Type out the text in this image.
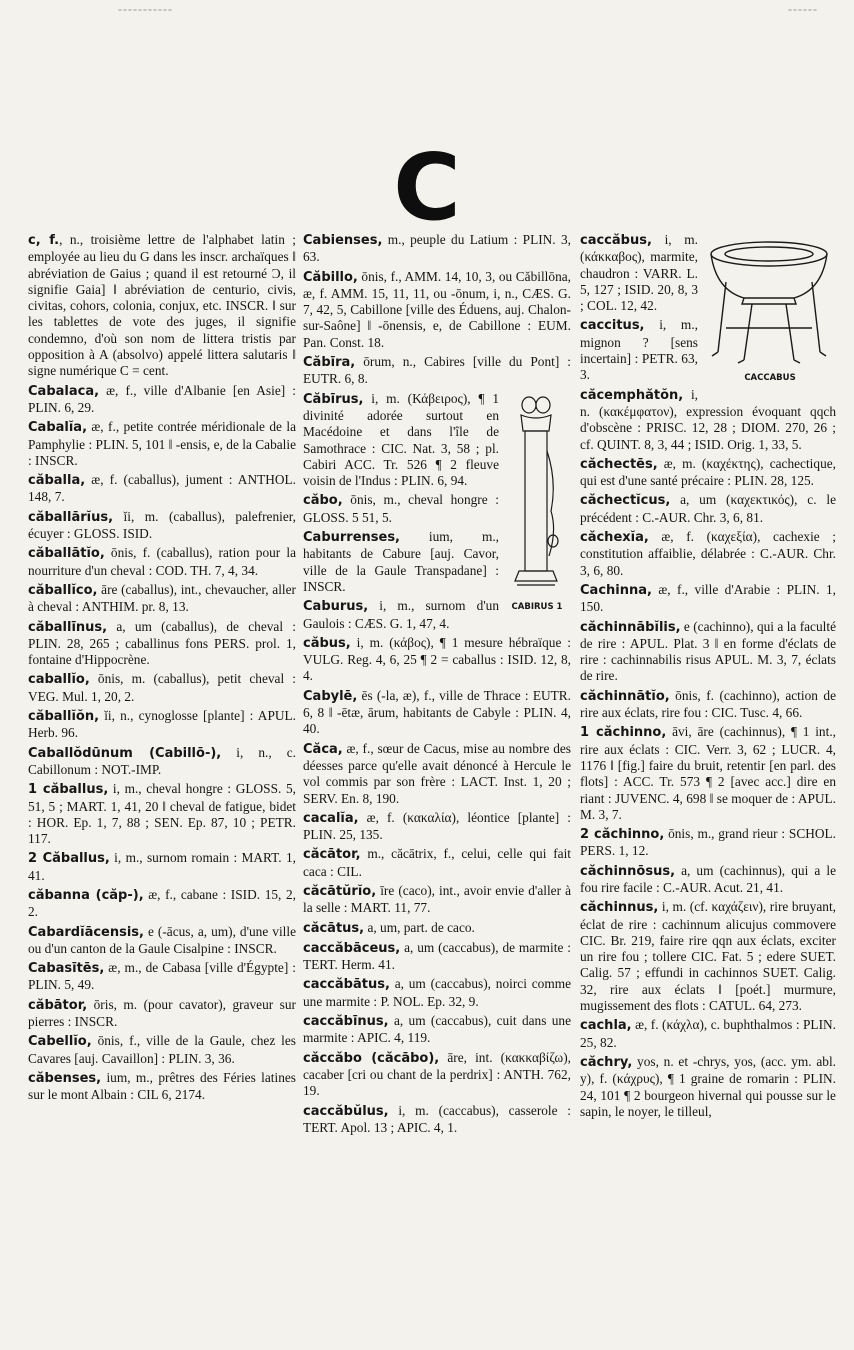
-----------	------
C

c, f., n., troisième lettre de l'alphabet latin ; employée au lieu du G dans les inscr. archaïques ‖ abréviation de Gaius ; quand il est retourné Ɔ, il signifie Gaia] ‖ abréviation de centurio, civis, civitas, cohors, colonia, conjux, etc. INSCR. ‖ sur les tablettes de vote des juges, il signifie condemno, d'où son nom de littera tristis par opposition à A (absolvo) appelé littera salutaris ‖ signe numérique C = cent.

Cabalaca, æ, f., ville d'Albanie [en Asie] : PLIN. 6, 29.

Cabalĭa, æ, f., petite contrée méridionale de la Pamphylie : PLIN. 5, 101 ‖ -ensis, e, de la Cabalie : INSCR.

căballa, æ, f. (caballus), jument : ANTHOL. 148, 7.

căballārĭus, ĭi, m. (caballus), palefrenier, écuyer : GLOSS. ISID.

căballātĭo, ōnis, f. (caballus), ration pour la nourriture d'un cheval : COD. TH. 7, 4, 34.

căballĭco, āre (caballus), int., chevaucher, aller à cheval : ANTHIM. pr. 8, 13.

căballīnus, a, um (caballus), de cheval : PLIN. 28, 265 ; caballinus fons PERS. prol. 1, fontaine d'Hippocrène.

caballĭo, ōnis, m. (caballus), petit cheval : VEG. Mul. 1, 20, 2.

căballĭŏn, ĭi, n., cynoglosse [plante] : APUL. Herb. 96.

Caballŏdūnum (Cabillō-), i, n., c. Cabillonum : NOT.-IMP.

1 căballus, i, m., cheval hongre : GLOSS. 5, 51, 5 ; MART. 1, 41, 20 ‖ cheval de fatigue, bidet : HOR. Ep. 1, 7, 88 ; SEN. Ep. 87, 10 ; PETR. 117.

2 Căballus, i, m., surnom romain : MART. 1, 41.

căbanna (căp-), æ, f., cabane : ISID. 15, 2, 2.

Cabardĭācensis, e (-ācus, a, um), d'une ville ou d'un canton de la Gaule Cisalpine : INSCR.

Cabasītēs, æ, m., de Cabasa [ville d'Égypte] : PLIN. 5, 49.

căbātor, ōris, m. (pour cavator), graveur sur pierres : INSCR.

Cabellĭo, ōnis, f., ville de la Gaule, chez les Cavares [auj. Cavaillon] : PLIN. 3, 36.

căbenses, ium, m., prêtres des Féries latines sur le mont Albain : CIL 6, 2174.

Cabienses, m., peuple du Latium : PLIN. 3, 63.

Căbillo, ōnis, f., AMM. 14, 10, 3, ou Căbillōna, æ, f. AMM. 15, 11, 11, ou -ōnum, i, n., CÆS. G. 7, 42, 5, Cabillone [ville des Éduens, auj. Chalon-sur-Saône] ‖ -ōnensis, e, de Cabillone : EUM. Pan. Const. 18.

Căbīra, ōrum, n., Cabires [ville du Pont] : EUTR. 6, 8.

CABIRUS 1

Căbīrus, i, m. (Κάβειρος), ¶ 1 divinité adorée surtout en Macédoine et dans l'île de Samothrace : CIC. Nat. 3, 58 ; pl. Cabiri ACC. Tr. 526 ¶ 2 fleuve voisin de l'Indus : PLIN. 6, 94.

căbo, ōnis, m., cheval hongre : GLOSS. 5 51, 5.

Caburrenses, ium, m., habitants de Cabure [auj. Cavor, ville de la Gaule Transpadane] : INSCR.

Caburus, i, m., surnom d'un Gaulois : CÆS. G. 1, 47, 4.

căbus, i, m. (κάβος), ¶ 1 mesure hébraïque : VULG. Reg. 4, 6, 25 ¶ 2 = caballus : ISID. 12, 8, 4.

Cabylē, ēs (-la, æ), f., ville de Thrace : EUTR. 6, 8 ‖ -ētæ, ārum, habitants de Cabyle : PLIN. 4, 40.

Căca, æ, f., sœur de Cacus, mise au nombre des déesses parce qu'elle avait dénoncé à Hercule le vol commis par son frère : LACT. Inst. 1, 20 ; SERV. En. 8, 190.

cacalĭa, æ, f. (κακαλία), léontice [plante] : PLIN. 25, 135.

căcātor, m., căcātrix, f., celui, celle qui fait caca : CIL.

căcātŭrĭo, īre (caco), int., avoir envie d'aller à la selle : MART. 11, 77.

căcātus, a, um, part. de caco.

caccăbāceus, a, um (caccabus), de marmite : TERT. Herm. 41.

caccăbātus, a, um (caccabus), noirci comme une marmite : P. NOL. Ep. 32, 9.

caccăbīnus, a, um (caccabus), cuit dans une marmite : APIC. 4, 119.

căccăbo (căcābo), āre, int. (κακκαβίζω), cacaber [cri ou chant de la perdrix] : ANTH. 762, 19.

caccăbŭlus, i, m. (caccabus), casserole : TERT. Apol. 13 ; APIC. 4, 1.

CACCABUS

caccăbus, i, m. (κάκκαβος), marmite, chaudron : VARR. L. 5, 127 ; ISID. 20, 8, 3 ; COL. 12, 42.

caccitus, i, m., mignon ? [sens incertain] : PETR. 63, 3.

căcemphătŏn, i, n. (κακέμφατον), expression évoquant qqch d'obscène : PRISC. 12, 28 ; DIOM. 270, 26 ; cf. QUINT. 8, 3, 44 ; ISID. Orig. 1, 33, 5.

căchectēs, æ, m. (καχέκτης), cachectique, qui est d'une santé précaire : PLIN. 28, 125.

căchectĭcus, a, um (καχεκτικός), c. le précédent : C.-AUR. Chr. 3, 6, 81.

căchexĭa, æ, f. (καχεξία), cachexie ; constitution affaiblie, délabrée : C.-AUR. Chr. 3, 6, 80.

Cachinna, æ, f., ville d'Arabie : PLIN. 1, 150.

căchinnābĭlis, e (cachinno), qui a la faculté de rire : APUL. Plat. 3 ‖ en forme d'éclats de rire : cachinnabilis risus APUL. M. 3, 7, éclats de rire.

căchinnātĭo, ōnis, f. (cachinno), action de rire aux éclats, rire fou : CIC. Tusc. 4, 66.

1 căchinno, āvi, āre (cachinnus), ¶ 1 int., rire aux éclats : CIC. Verr. 3, 62 ; LUCR. 4, 1176 ‖ [fig.] faire du bruit, retentir [en parl. des flots] : ACC. Tr. 573 ¶ 2 [avec acc.] dire en riant : JUVENC. 4, 698 ‖ se moquer de : APUL. M. 3, 7.

2 căchinno, ōnis, m., grand rieur : SCHOL. PERS. 1, 12.

căchinnōsus, a, um (cachinnus), qui a le fou rire facile : C.-AUR. Acut. 21, 41.

căchinnus, i, m. (cf. καχάζειν), rire bruyant, éclat de rire : cachinnum alicujus commovere CIC. Br. 219, faire rire qqn aux éclats, exciter un rire fou ; tollere CIC. Fat. 5 ; edere SUET. Calig. 57 ; effundi in cachinnos SUET. Calig. 32, rire aux éclats ‖ [poét.] murmure, mugissement des flots : CATUL. 64, 273.

cachla, æ, f. (κάχλα), c. buphthalmos : PLIN. 25, 82.

căchry, yos, n. et -chrys, yos, (acc. ym. abl. y), f. (κάχρυς), ¶ 1 graine de romarin : PLIN. 24, 101 ¶ 2 bourgeon hivernal qui pousse sur le sapin, le noyer, le tilleul,
